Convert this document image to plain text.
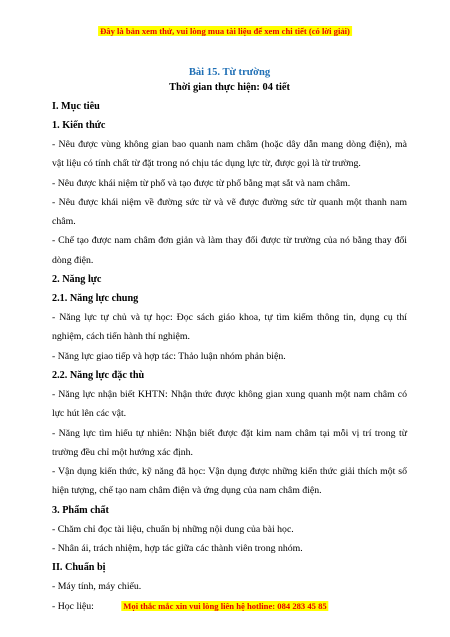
Đây là bản xem thử, vui lòng mua tài liệu để xem chi tiết (có lời giải)
Bài 15. Từ trường
Thời gian thực hiện: 04 tiết
I. Mục tiêu
1. Kiến thức
- Nêu được vùng không gian bao quanh nam châm (hoặc dây dẫn mang dòng điện), mà vật liệu có tính chất từ đặt trong nó chịu tác dụng lực từ, được gọi là từ trường.
- Nêu được khái niệm từ phổ và tạo được từ phổ bằng mạt sắt và nam châm.
- Nêu được khái niệm về đường sức từ và vẽ được đường sức từ quanh một thanh nam châm.
- Chế tạo được nam châm đơn giản và làm thay đổi được từ trường của nó bằng thay đổi dòng điện.
2. Năng lực
2.1. Năng lực chung
- Năng lực tự chủ và tự học: Đọc sách giáo khoa, tự tìm kiếm thông tin, dụng cụ thí nghiệm, cách tiến hành thí nghiệm.
- Năng lực giao tiếp và hợp tác: Thảo luận nhóm phản biện.
2.2. Năng lực đặc thù
- Năng lực nhận biết KHTN: Nhận thức được không gian xung quanh một nam châm có lực hút lên các vật.
- Năng lực tìm hiểu tự nhiên: Nhận biết được đặt kim nam châm tại mỗi vị trí trong từ trường đều chỉ một hướng xác định.
- Vận dụng kiến thức, kỹ năng đã học: Vận dụng được những kiến thức giải thích một số hiện tượng, chế tạo nam châm điện và ứng dụng của nam châm điện.
3. Phẩm chất
- Chăm chỉ đọc tài liệu, chuẩn bị những nội dung của bài học.
- Nhân ái, trách nhiệm, hợp tác giữa các thành viên trong nhóm.
II. Chuẩn bị
- Máy tính, máy chiếu.
- Học liệu:	Mọi thắc mắc xin vui lòng liên hệ hotline: 084 283 45 85
